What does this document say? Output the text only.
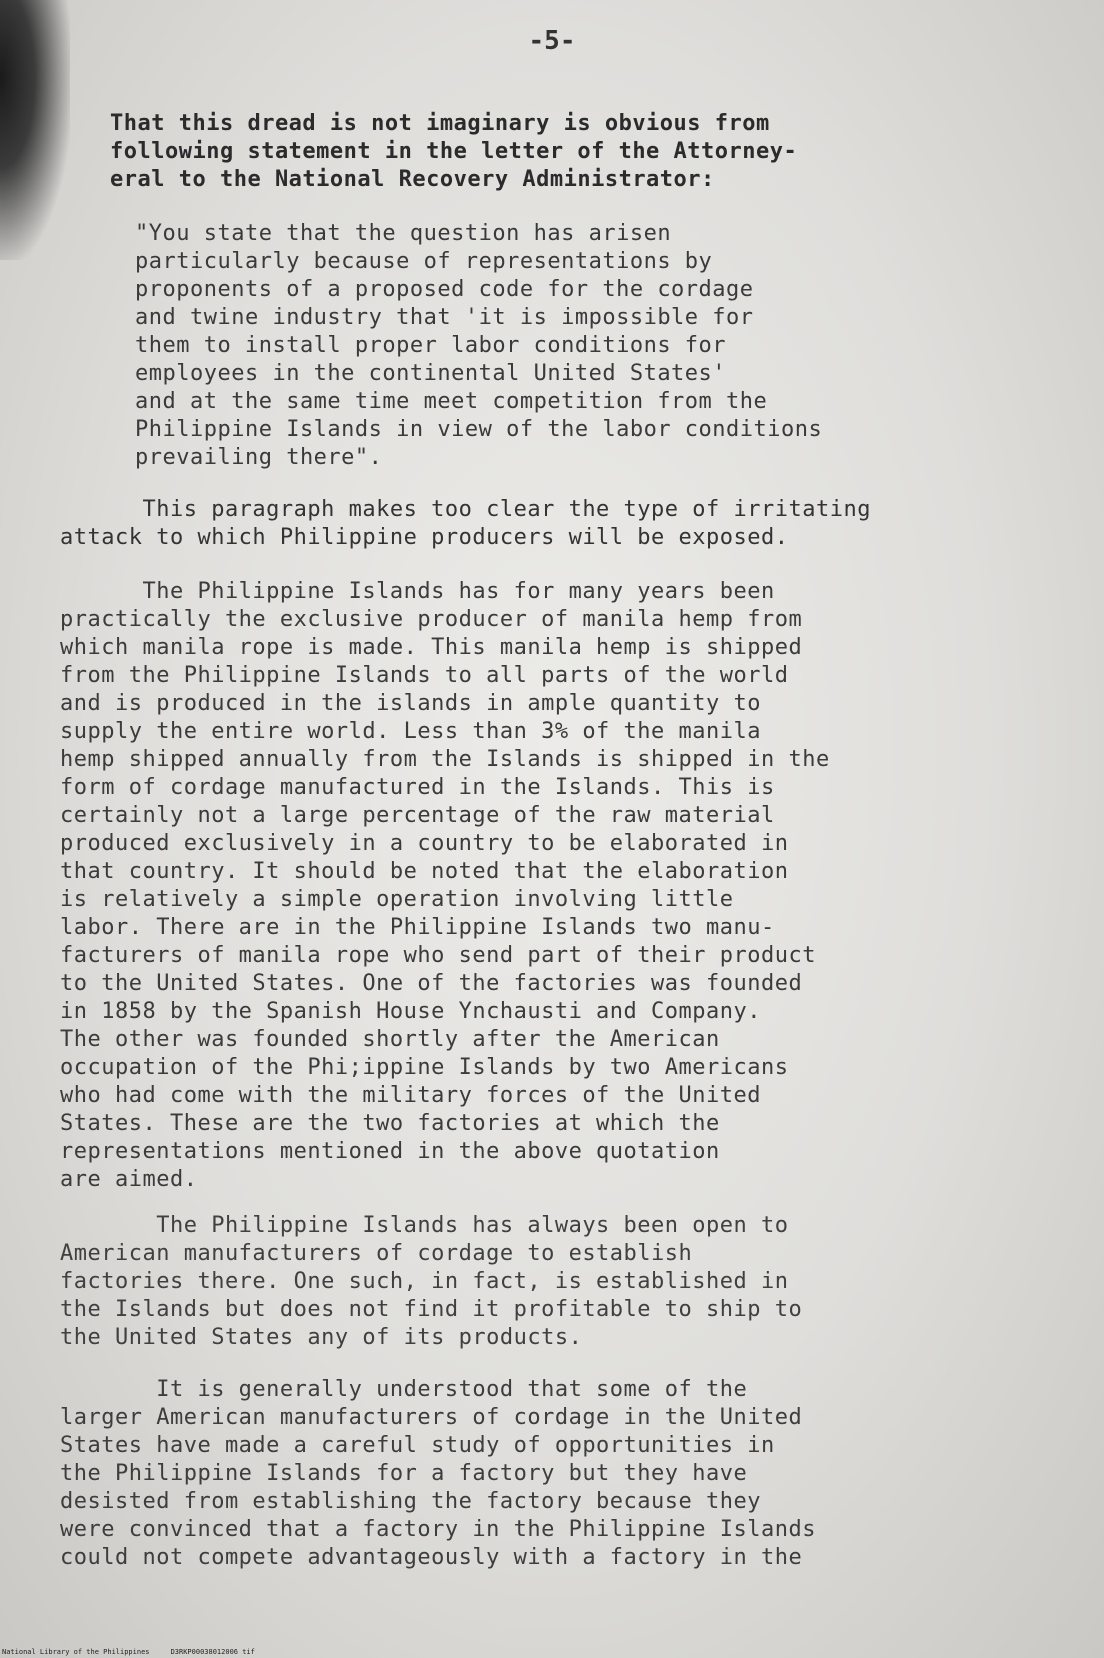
-5-

That this dread is not imaginary is obvious from
following statement in the letter of the Attorney-
eral to the National Recovery Administrator:

"You state that the question has arisen
particularly because of representations by
proponents of a proposed code for the cordage
and twine industry that 'it is impossible for
them to install proper labor conditions for
employees in the continental United States'
and at the same time meet competition from the
Philippine Islands in view of the labor conditions
prevailing there".

This paragraph makes too clear the type of irritating
attack to which Philippine producers will be exposed.

The Philippine Islands has for many years been
practically the exclusive producer of manila hemp from
which manila rope is made. This manila hemp is shipped
from the Philippine Islands to all parts of the world
and is produced in the islands in ample quantity to
supply the entire world. Less than 3% of the manila
hemp shipped annually from the Islands is shipped in the
form of cordage manufactured in the Islands. This is
certainly not a large percentage of the raw material
produced exclusively in a country to be elaborated in
that country. It should be noted that the elaboration
is relatively a simple operation involving little
labor. There are in the Philippine Islands two manu-
facturers of manila rope who send part of their product
to the United States. One of the factories was founded
in 1858 by the Spanish House Ynchausti and Company.
The other was founded shortly after the American
occupation of the Phi;ippine Islands by two Americans
who had come with the military forces of the United
States. These are the two factories at which the
representations mentioned in the above quotation
are aimed.

The Philippine Islands has always been open to
American manufacturers of cordage to establish
factories there. One such, in fact, is established in
the Islands but does not find it profitable to ship to
the United States any of its products.

It is generally understood that some of the
larger American manufacturers of cordage in the United
States have made a careful study of opportunities in
the Philippine Islands for a factory but they have
desisted from establishing the factory because they
were convinced that a factory in the Philippine Islands
could not compete advantageously with a factory in the

National Library of the Philippines     D3RKP00038012006 tif
